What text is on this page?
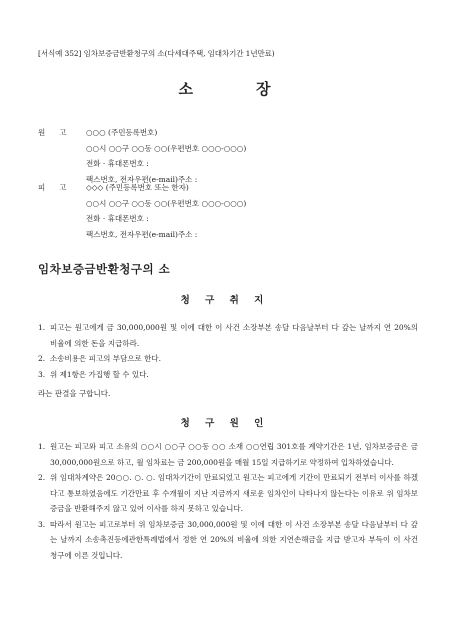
[서식예 352] 임차보증금반환청구의 소(다세대주택, 임대차기간 1년만료)
소	장
원고 ○○○ (주민등록번호)
○○시 ○○구 ○○동 ○○(우편번호 ○○○-○○○)
전화 · 휴대폰번호 :
팩스번호, 전자우편(e-mail)주소 :
피고 ◇◇◇ (주민등록번호 또는 한자)
○○시 ○○구 ○○동 ○○(우편번호 ○○○-○○○)
전화 · 휴대폰번호 :
팩스번호, 전자우편(e-mail)주소 :
임차보증금반환청구의 소
청 구 취 지
1. 피고는 원고에게 금 30,000,000원 및 이에 대한 이 사건 소장부본 송달 다음날부터 다 갚는 날까지 연 20%의 비율에 의한 돈을 지급하라.
2. 소송비용은 피고의 부담으로 한다.
3. 위 제1항은 가집행 할 수 있다.
라는 판결을 구합니다.
청 구 원 인
1. 원고는 피고와 피고 소유의 ○○시 ○○구 ○○동 ○○ 소재 ○○연립 301호를 계약기간은 1년, 임차보증금은 금 30,000,000원으로 하고, 월 임차료는 금 200,000원을 매월 15일 지급하기로 약정하여 입차하였습니다.
2. 위 임대차계약은 20○○. ○. ○. 임대차기간이 만료되었고 원고는 피고에게 기간이 만료되기 전부터 이사를 하겠다고 통보하였음에도 기간만료 후 수개월이 지난 지금까지 새로운 임차인이 나타나지 않는다는 이유로 위 임차보증금을 반환해주지 않고 있어 이사를 하지 못하고 있습니다.
3. 따라서 원고는 피고로부터 위 임차보증금 30,000,000원 및 이에 대한 이 사건 소장부본 송달 다음날부터 다 갚는 날까지 소송촉진등에관한특례법에서 정한 연 20%의 비율에 의한 지연손해금을 지급 받고자 부득이 이 사건 청구에 이른 것입니다.
